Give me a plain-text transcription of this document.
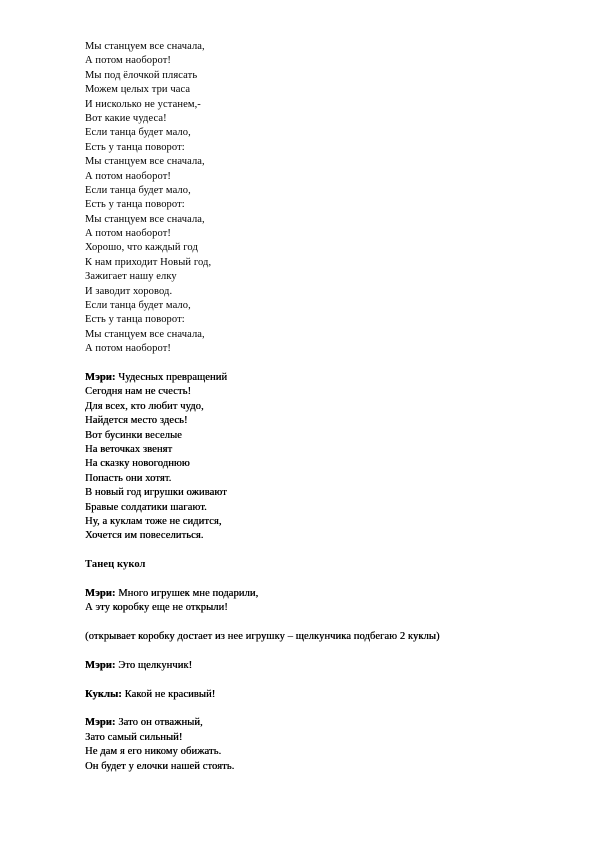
Мы станцуем все сначала,
А потом наоборот!
Мы под ёлочкой плясать
Можем целых три часа
И нисколько не устанем,-
Вот какие чудеса!
Если танца будет мало,
Есть у танца поворот:
Мы станцуем все сначала,
А потом наоборот!
Если танца будет мало,
Есть у танца поворот:
Мы станцуем все сначала,
А потом наоборот!
Хорошо, что каждый год
К нам приходит Новый год,
Зажигает нашу елку
И заводит хоровод.
Если танца будет мало,
Есть у танца поворот:
Мы станцуем все сначала,
А потом наоборот!
Мэри: Чудесных превращений
Сегодня нам не счесть!
Для всех, кто любит чудо,
Найдется место здесь!
Вот бусинки веселые
На веточках звенят
На сказку новогоднюю
Попасть они хотят.
В новый год игрушки оживают
Бравые солдатики шагают.
Ну, а куклам тоже не сидится,
Хочется им повеселиться.
Танец кукол
Мэри: Много игрушек мне подарили,
А эту коробку еще не открыли!
(открывает коробку достает из нее игрушку – щелкунчика подбегаю 2 куклы)
Мэри: Это щелкунчик!
Куклы: Какой не красивый!
Мэри: Зато он отважный,
Зато самый сильный!
Не дам я его никому обижать.
Он будет у елочки нашей стоять.
